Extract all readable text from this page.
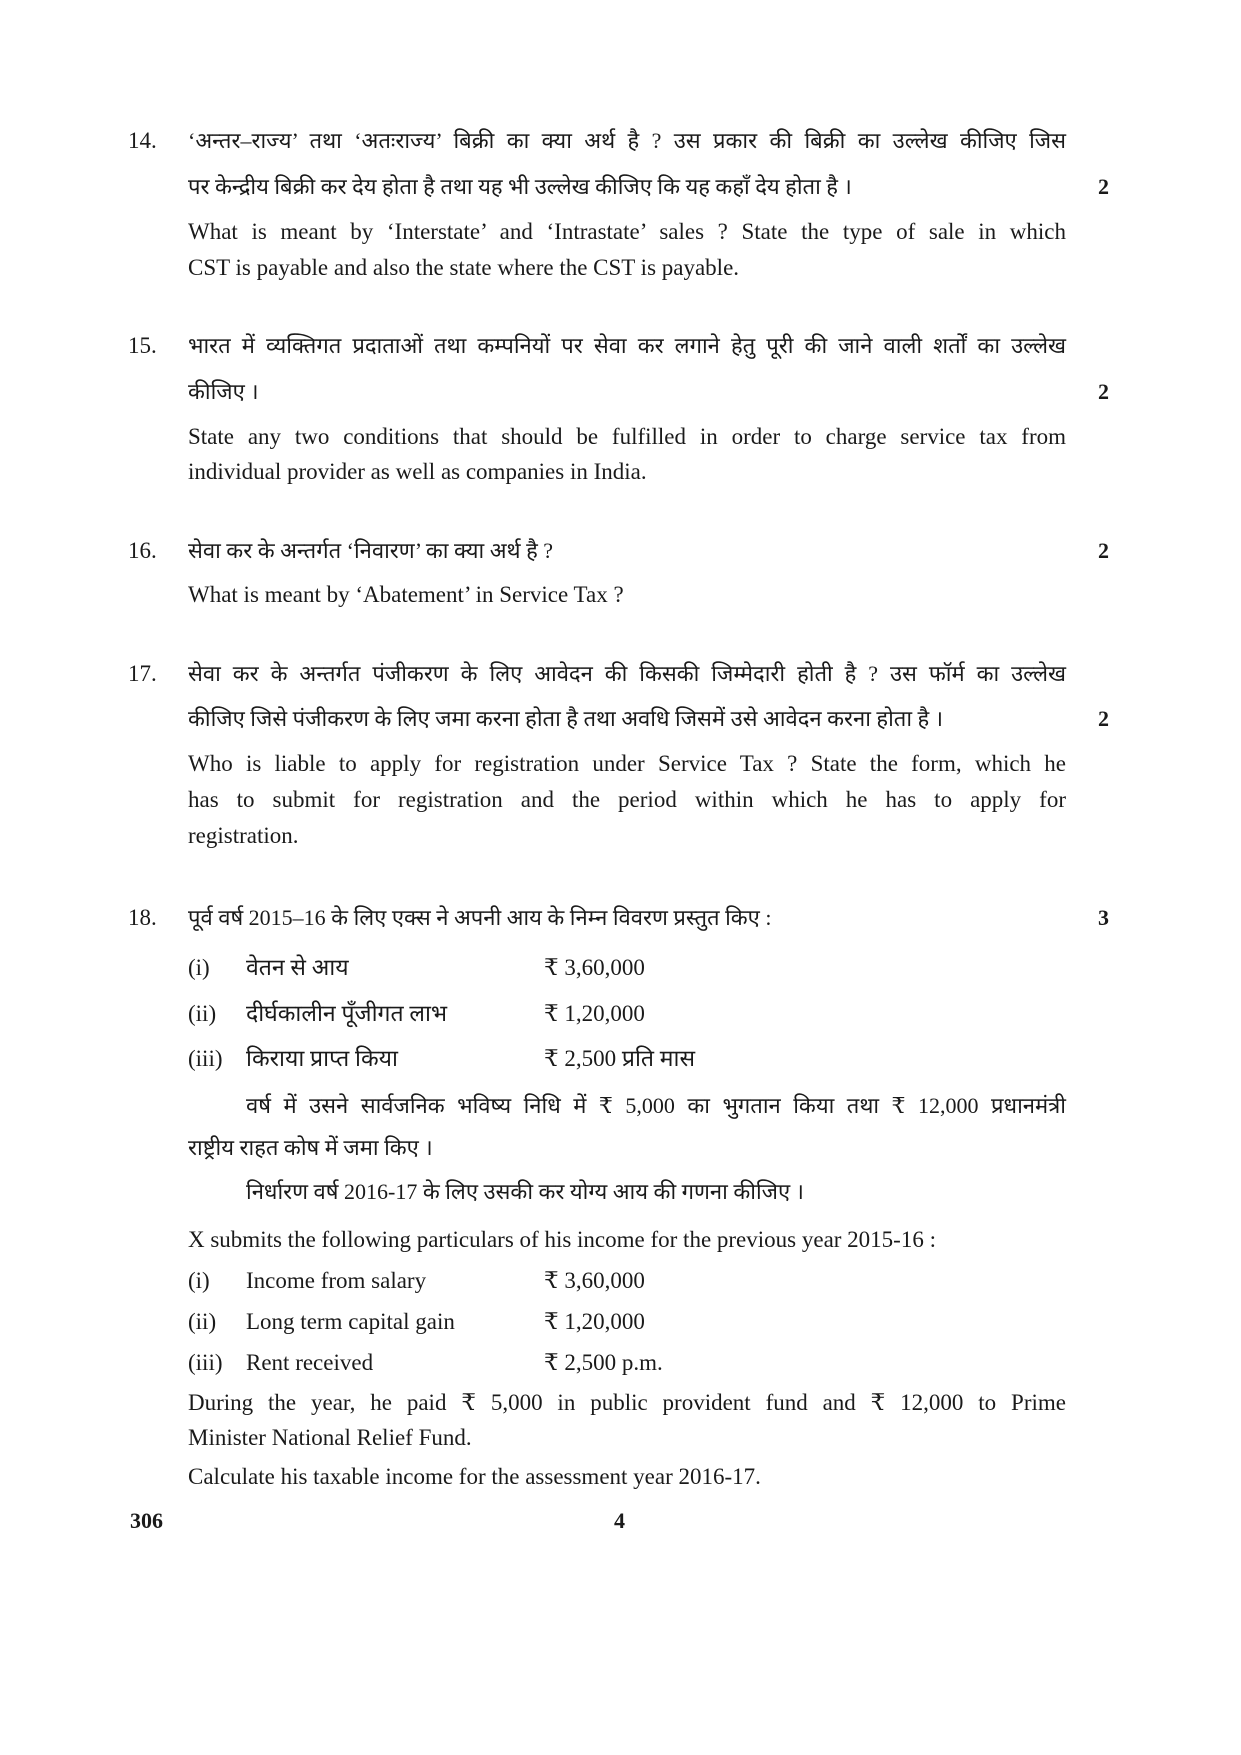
14. ‘अन्तर–राज्य’ तथा ‘अतःराज्य’ बिक्री का क्या अर्थ है ? उस प्रकार की बिक्री का उल्लेख कीजिए जिस
पर केन्द्रीय बिक्री कर देय होता है तथा यह भी उल्लेख कीजिए कि यह कहाँ देय होता है ।	2
What is meant by ‘Interstate’ and ‘Intrastate’ sales ? State the type of sale in which
CST is payable and also the state where the CST is payable.
15. भारत में व्यक्तिगत प्रदाताओं तथा कम्पनियों पर सेवा कर लगाने हेतु पूरी की जाने वाली शर्तों का उल्लेख
कीजिए ।	2
State any two conditions that should be fulfilled in order to charge service tax from
individual provider as well as companies in India.
16. सेवा कर के अन्तर्गत ‘निवारण’ का क्या अर्थ है ?	2
What is meant by ‘Abatement’ in Service Tax ?
17. सेवा कर के अन्तर्गत पंजीकरण के लिए आवेदन की किसकी जिम्मेदारी होती है ? उस फॉर्म का उल्लेख
कीजिए जिसे पंजीकरण के लिए जमा करना होता है तथा अवधि जिसमें उसे आवेदन करना होता है ।	2
Who is liable to apply for registration under Service Tax ? State the form, which he
has to submit for registration and the period within which he has to apply for
registration.
18. पूर्व वर्ष 2015–16 के लिए एक्स ने अपनी आय के निम्न विवरण प्रस्तुत किए :	3
(i) वेतन से आय	₹ 3,60,000
(ii) दीर्घकालीन पूँजीगत लाभ	₹ 1,20,000
(iii) किराया प्राप्त किया	₹ 2,500 प्रति मास
वर्ष में उसने सार्वजनिक भविष्य निधि में ₹ 5,000 का भुगतान किया तथा ₹ 12,000 प्रधानमंत्री
राष्ट्रीय राहत कोष में जमा किए ।
निर्धारण वर्ष 2016-17 के लिए उसकी कर योग्य आय की गणना कीजिए ।
X submits the following particulars of his income for the previous year 2015-16 :
(i) Income from salary	₹ 3,60,000
(ii) Long term capital gain	₹ 1,20,000
(iii) Rent received	₹ 2,500 p.m.
During the year, he paid ₹ 5,000 in public provident fund and ₹ 12,000 to Prime
Minister National Relief Fund.
Calculate his taxable income for the assessment year 2016-17.
306	4
